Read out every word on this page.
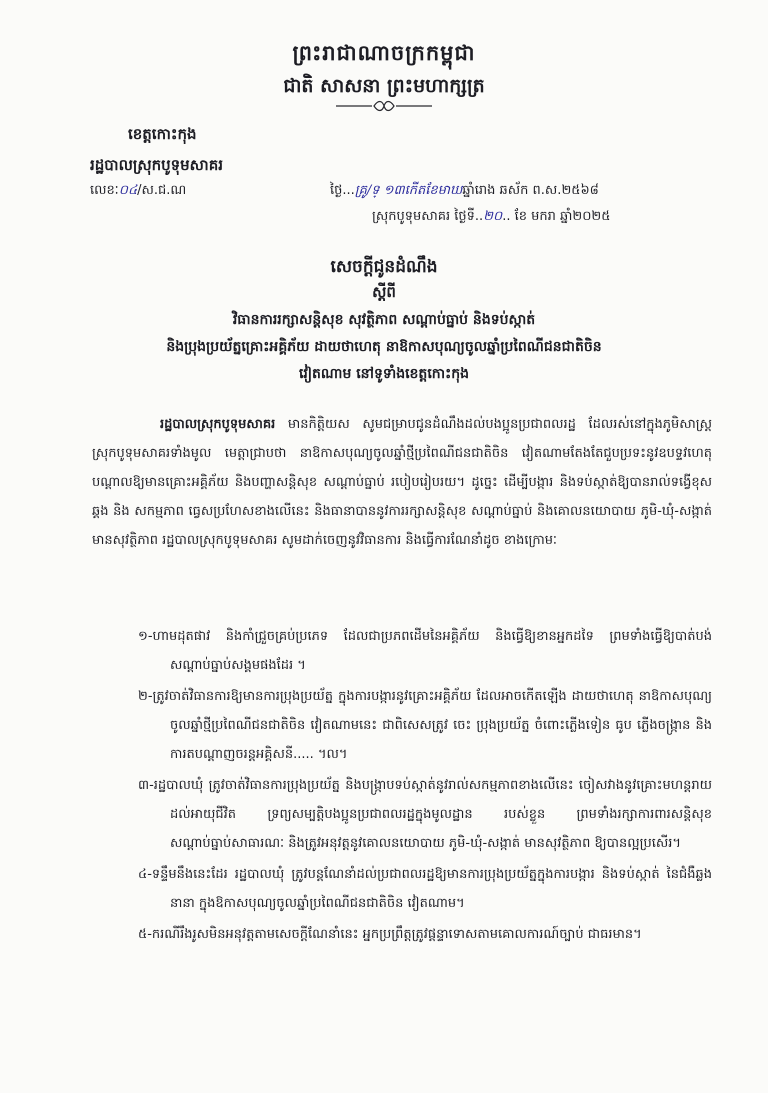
ព្រះរាជាណាចក្រកម្ពុជា
ជាតិ សាសនា ព្រះមហាក្សត្រ
ខេត្តកោះកុង
រដ្ឋបាលស្រុកបូទុមសាគរ
លេខៈ០៤/ស.ជ.ណ	ថ្ងៃ...គ្រូ/ទ្ ១៣កើតខែមាឃឆ្នាំរោង ឆស័ក ព.ស.២៥៦៨
ស្រុកបូទុមសាគរ ថ្ងៃទី..២០.. ខែ មករា ឆ្នាំ២០២៥
សេចក្តីជូនដំណឹង
ស្តីពី
វិធានការរក្សាសន្តិសុខ សុវត្ថិភាព សណ្តាប់ធ្នាប់ និងទប់ស្កាត់
និងប្រុងប្រយ័ត្នគ្រោះអគ្គិភ័យ ដាយថាហេតុ នាឱកាសបុណ្យចូលឆ្នាំប្រពៃណីជនជាតិចិន
វៀតណាម នៅទូទាំងខេត្តកោះកុង

រដ្ឋបាលស្រុកបូទុមសាគរ មានកិត្តិយស សូមជម្រាបជូនដំណឹងដល់បងប្អូនប្រជាពលរដ្ឋ ដែលរស់នៅក្នុងភូមិសាស្ត្រស្រុកបូទុមសាគរទាំងមូល មេត្តាជ្រាបថា នាឱកាសបុណ្យចូលឆ្នាំថ្មីប្រពៃណីជនជាតិចិន វៀតណាមតែងតែជួបប្រទះនូវឧបទ្ទវហេតុបណ្តាលឱ្យមានគ្រោះអគ្គិភ័យ និងបញ្ហាសន្តិសុខ សណ្តាប់ធ្នាប់ របៀបរៀបរយ។ ដូច្នេះ ដើម្បីបង្ការ និងទប់ស្កាត់ឱ្យបានរាល់ទង្វើខុសឆ្គង និង សកម្មភាព ធ្វេសប្រហែសខាងលើនេះ និងធានាបាននូវការរក្សាសន្តិសុខ សណ្តាប់ធ្នាប់ និងគោលនយោបាយ ភូមិ-ឃុំ-សង្កាត់ មានសុវត្ថិភាព រដ្ឋបាលស្រុកបូទុមសាគរ សូមដាក់ចេញនូវវិធានការ និងធ្វើការណែនាំដូច ខាងក្រោមៈ

១-ហាមដុតផាវ និងកាំជ្រួចគ្រប់ប្រភេទ ដែលជាប្រភពដើមនៃអគ្គិភ័យ និងធ្វើឱ្យខានអ្នកដទៃ ព្រមទាំងធ្វើឱ្យបាត់បង់សណ្តាប់ធ្នាប់សង្គមផងដែរ ។
២-ត្រូវចាត់វិធានការឱ្យមានការប្រុងប្រយ័ត្ន ក្នុងការបង្ការនូវគ្រោះអគ្គិភ័យ ដែលអាចកើតឡើង ដាយថាហេតុ នាឱកាសបុណ្យចូលឆ្នាំថ្មីប្រពៃណីជនជាតិចិន វៀតណាមនេះ ជាពិសេសត្រូវ ចេះ ប្រុងប្រយ័ត្ន ចំពោះភ្លើងទៀន ធូប ភ្លើងចង្ក្រាន និងការតបណ្តាញចរន្តអគ្គិសនី..... ។ល។
៣-រដ្ឋបាលឃុំ ត្រូវចាត់វិធានការប្រុងប្រយ័ត្ន និងបង្ក្រាបទប់ស្កាត់នូវរាល់សកម្មភាពខាងលើនេះ ចៀសវាងនូវគ្រោះមហន្តរាយដល់អាយុជីវិត ទ្រព្យសម្បត្តិបងប្អូនប្រជាពលរដ្ឋក្នុងមូលដ្ឋាន របស់ខ្លួន ព្រមទាំងរក្សាការពារសន្តិសុខសណ្តាប់ធ្នាប់សាធារណៈ និងត្រូវអនុវត្តនូវគោលនយោបាយ ភូមិ-ឃុំ-សង្កាត់ មានសុវត្ថិភាព ឱ្យបានល្អប្រសើរ។
៤-ទន្ទឹមនឹងនេះដែរ រដ្ឋបាលឃុំ ត្រូវបន្តណែនាំដល់ប្រជាពលរដ្ឋឱ្យមានការប្រុងប្រយ័ត្នក្នុងការបង្ការ និងទប់ស្កាត់ នៃជំងឺឆ្លងនានា ក្នុងឱកាសបុណ្យចូលឆ្នាំប្រពៃណីជនជាតិចិន វៀតណាម។
៥-ករណីរឹងរូសមិនអនុវត្តតាមសេចក្តីណែនាំនេះ អ្នកប្រព្រឹត្តត្រូវផ្តន្ទាទោសតាមគោលការណ៍ច្បាប់ ជាធរមាន។
